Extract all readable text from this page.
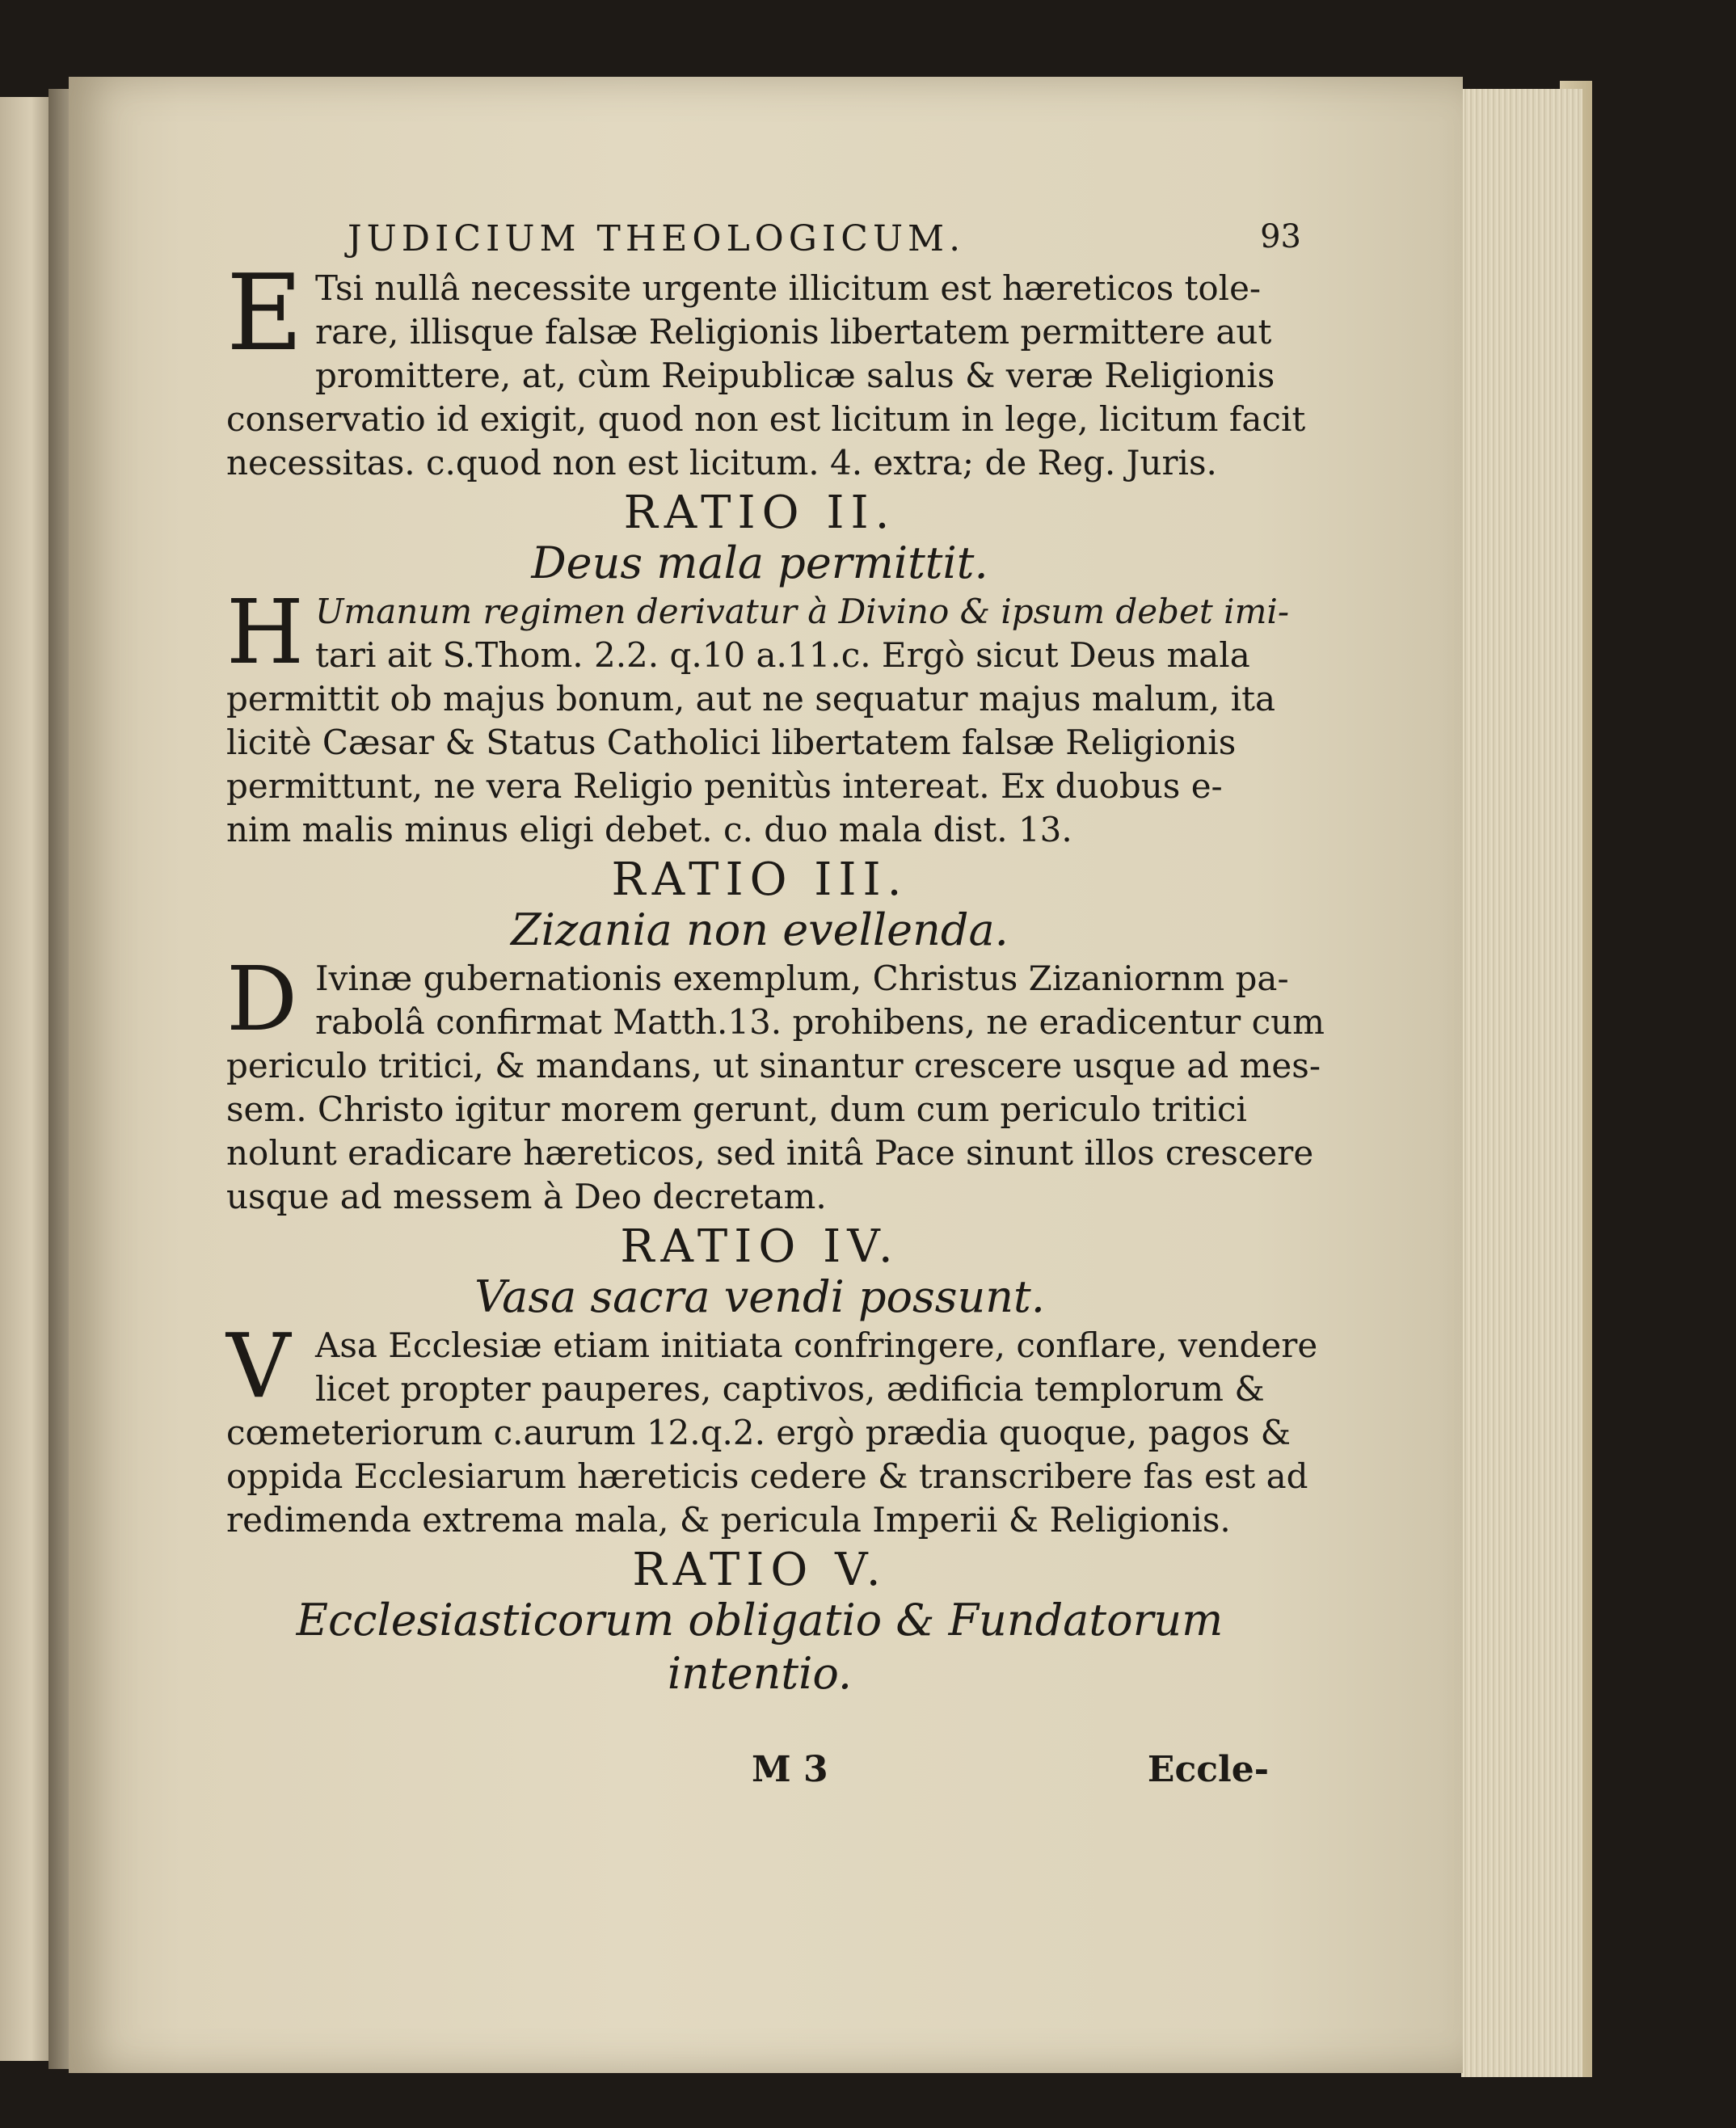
JUDICIUM THEOLOGICUM.	93
E Tsi nullâ necessite urgente illicitum est hæreticos tole-
rare, illisque falsæ Religionis libertatem permittere aut
promittere, at, cùm Reipublicæ salus & veræ Religionis
conservatio id exigit, quod non est licitum in lege, licitum facit
necessitas. c.quod non est licitum. 4. extra; de Reg. Juris.
RATIO II.
Deus mala permittit.
H Umanum regimen derivatur à Divino & ipsum debet imi-
tari ait S.Thom. 2.2. q.10 a.11.c. Ergò sicut Deus mala
permittit ob majus bonum, aut ne sequatur majus malum, ita
licitè Cæsar & Status Catholici libertatem falsæ Religionis
permittunt, ne vera Religio penitùs intereat. Ex duobus e-
nim malis minus eligi debet. c. duo mala dist. 13.
RATIO III.
Zizania non evellenda.
D Ivinæ gubernationis exemplum, Christus Zizaniornm pa-
rabolâ confirmat Matth.13. prohibens, ne eradicentur cum
periculo tritici, & mandans, ut sinantur crescere usque ad mes-
sem. Christo igitur morem gerunt, dum cum periculo tritici
nolunt eradicare hæreticos, sed initâ Pace sinunt illos crescere
usque ad messem à Deo decretam.
RATIO IV.
Vasa sacra vendi possunt.
V Asa Ecclesiæ etiam initiata confringere, conflare, vendere
licet propter pauperes, captivos, ædificia templorum &
cœmeteriorum c.aurum 12.q.2. ergò prædia quoque, pagos &
oppida Ecclesiarum hæreticis cedere & transcribere fas est ad
redimenda extrema mala, & pericula Imperii & Religionis.
RATIO V.
Ecclesiasticorum obligatio & Fundatorum
intentio.
M 3	Eccle-
